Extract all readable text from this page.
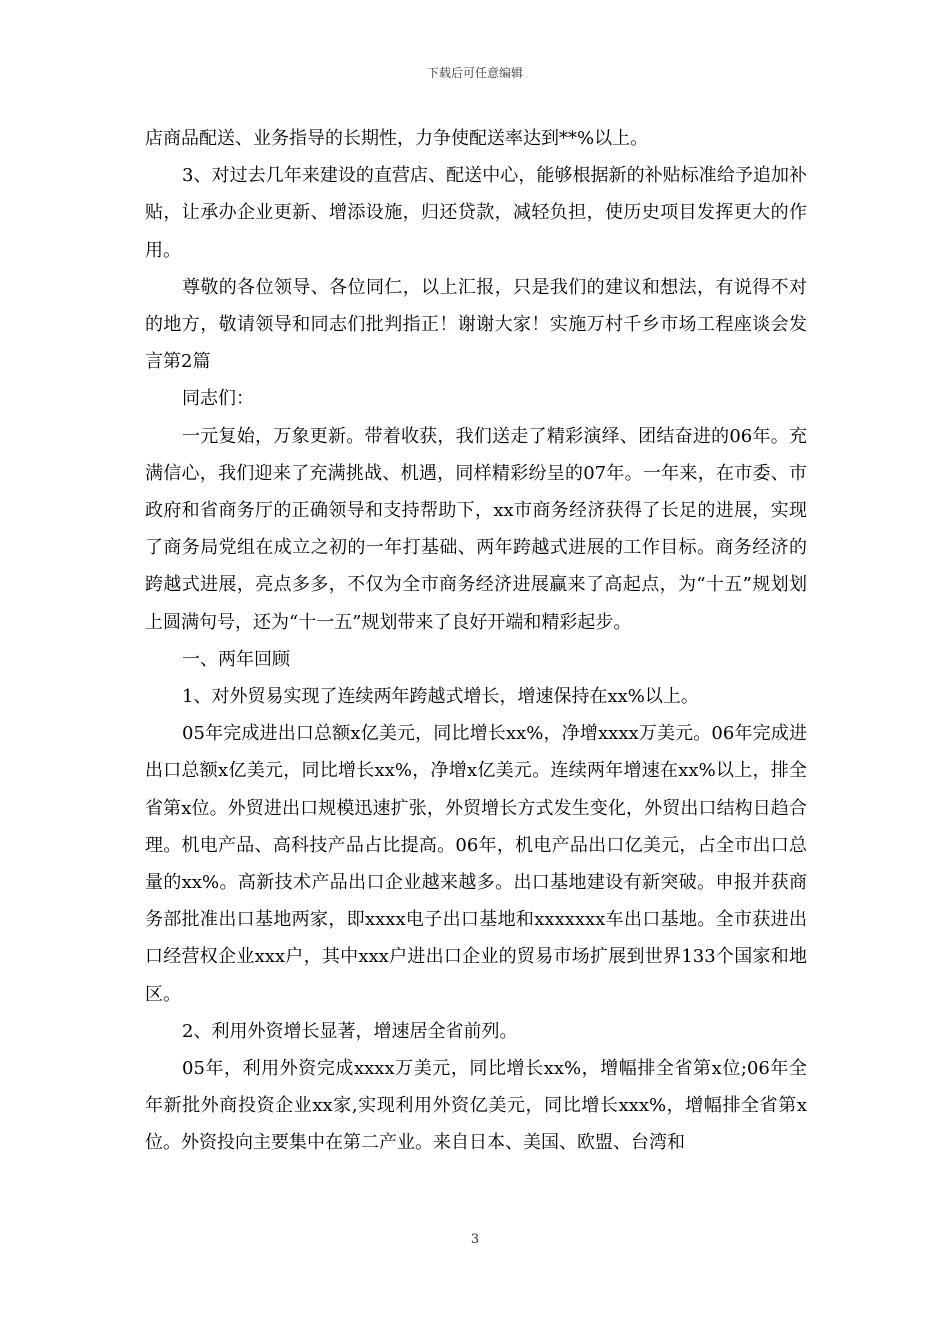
下载后可任意编辑

店商品配送、业务指导的长期性，力争使配送率达到**%以上。

3、对过去几年来建设的直营店、配送中心，能够根据新的补贴标准给予追加补贴，让承办企业更新、增添设施，归还贷款，减轻负担，使历史项目发挥更大的作用。

尊敬的各位领导、各位同仁，以上汇报，只是我们的建议和想法，有说得不对的地方，敬请领导和同志们批判指正！谢谢大家！实施万村千乡市场工程座谈会发言第2篇

同志们：

一元复始，万象更新。带着收获，我们送走了精彩演绎、团结奋进的06年。充满信心，我们迎来了充满挑战、机遇，同样精彩纷呈的07年。一年来，在市委、市政府和省商务厅的正确领导和支持帮助下，xx市商务经济获得了长足的进展，实现了商务局党组在成立之初的一年打基础、两年跨越式进展的工作目标。商务经济的跨越式进展，亮点多多，不仅为全市商务经济进展赢来了高起点，为“十五”规划划上圆满句号，还为“十一五”规划带来了良好开端和精彩起步。

一、两年回顾

1、对外贸易实现了连续两年跨越式增长，增速保持在xx%以上。

05年完成进出口总额x亿美元，同比增长xx%，净增xxxx万美元。06年完成进出口总额x亿美元，同比增长xx%，净增x亿美元。连续两年增速在xx%以上，排全省第x位。外贸进出口规模迅速扩张，外贸增长方式发生变化，外贸出口结构日趋合理。机电产品、高科技产品占比提高。06年，机电产品出口亿美元，占全市出口总量的xx%。高新技术产品出口企业越来越多。出口基地建设有新突破。申报并获商务部批准出口基地两家，即xxxx电子出口基地和xxxxxxx车出口基地。全市获进出口经营权企业xxx户，其中xxx户进出口企业的贸易市场扩展到世界133个国家和地区。

2、利用外资增长显著，增速居全省前列。

05年，利用外资完成xxxx万美元，同比增长xx%，增幅排全省第x位;06年全年新批外商投资企业xx家,实现利用外资亿美元，同比增长xxx%，增幅排全省第x位。外资投向主要集中在第二产业。来自日本、美国、欧盟、台湾和

3
